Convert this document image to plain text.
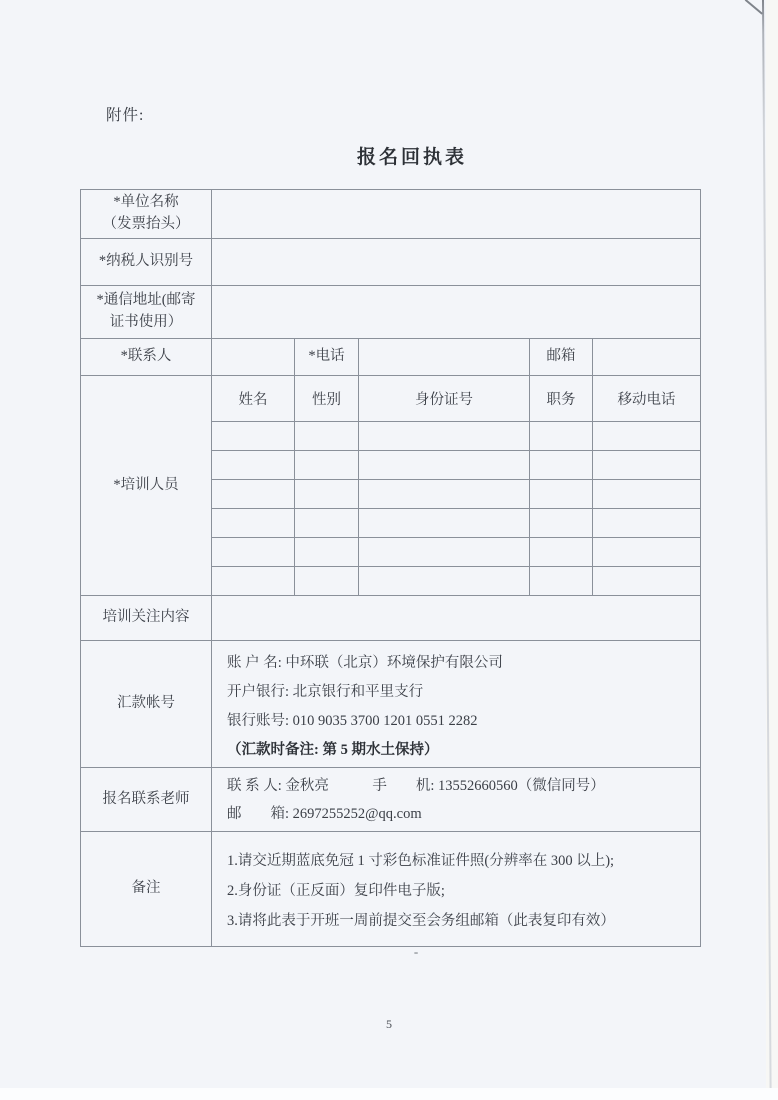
附件:
报名回执表
*单位名称
（发票抬头）					

*纳税人识别号					

*通信地址(邮寄
证书使用）					

*联系人		*电话		邮箱	
*培训人员	姓名	性别	身份证号	职务	移动电话

培训关注内容					
汇款帐号	账 户 名: 中环联（北京）环境保护有限公司
开户银行: 北京银行和平里支行
银行账号: 010 9035 3700 1201 0551 2282
（汇款时备注: 第 5 期水土保持）				

报名联系老师	联 系 人: 金秋亮　　　手　　机: 13552660560（微信同号）
邮　　箱: 2697255252@qq.com				

备注	1.请交近期蓝底免冠 1 寸彩色标准证件照(分辨率在 300 以上);
2.身份证（正反面）复印件电子版;
3.请将此表于开班一周前提交至会务组邮箱（此表复印有效）				
-
5
